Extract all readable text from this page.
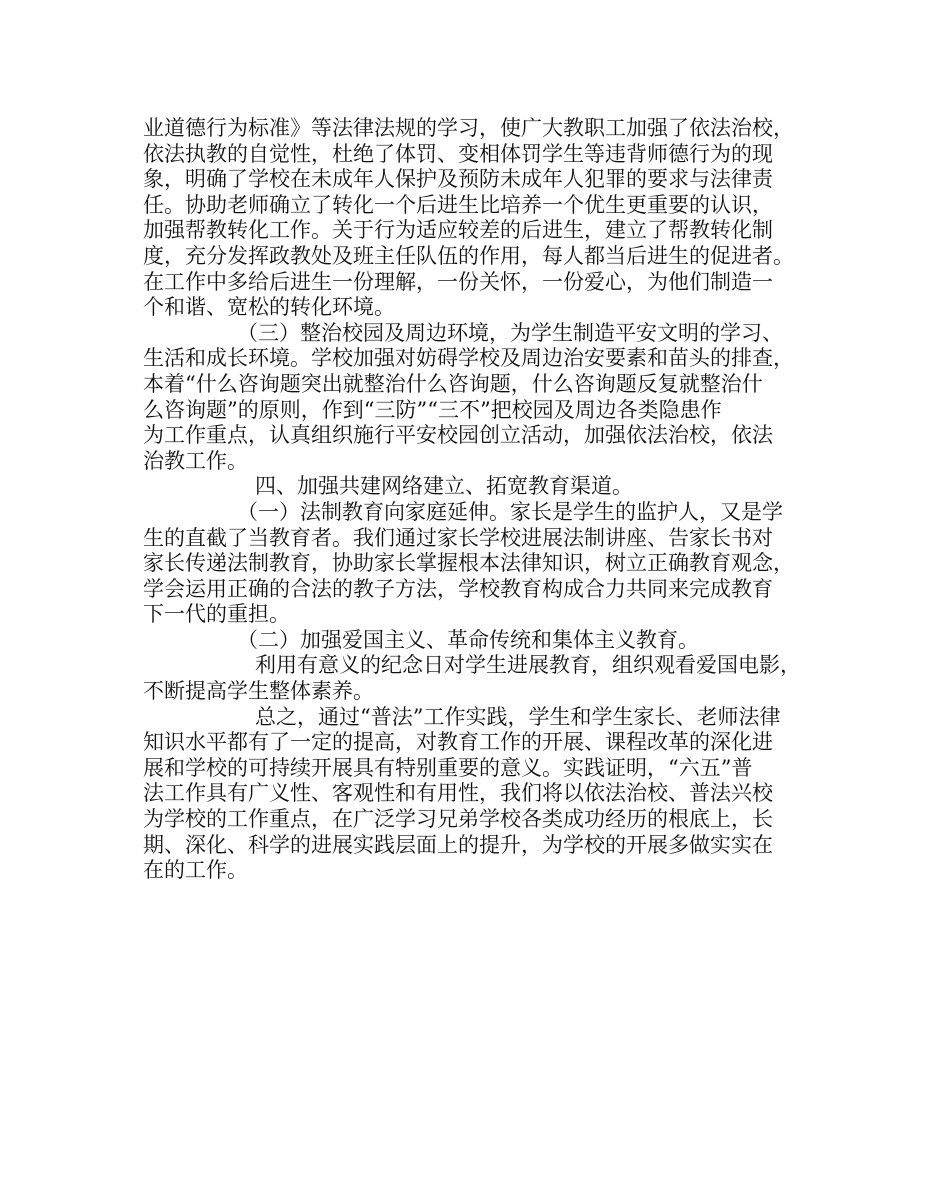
业道德行为标准》等法律法规的学习，使广大教职工加强了依法治校，
依法执教的自觉性，杜绝了体罚、变相体罚学生等违背师德行为的现
象，明确了学校在未成年人保护及预防未成年人犯罪的要求与法律责
任。协助老师确立了转化一个后进生比培养一个优生更重要的认识，
加强帮教转化工作。关于行为适应较差的后进生，建立了帮教转化制
度，充分发挥政教处及班主任队伍的作用，每人都当后进生的促进者。
在工作中多给后进生一份理解，一份关怀，一份爱心，为他们制造一
个和谐、宽松的转化环境。
（三）整治校园及周边环境，为学生制造平安文明的学习、
生活和成长环境。学校加强对妨碍学校及周边治安要素和苗头的排查，
本着“什么咨询题突出就整治什么咨询题，什么咨询题反复就整治什
么咨询题”的原则，作到“三防”“三不”把校园及周边各类隐患作
为工作重点，认真组织施行平安校园创立活动，加强依法治校，依法
治教工作。
四、加强共建网络建立、拓宽教育渠道。
（一）法制教育向家庭延伸。家长是学生的监护人，又是学
生的直截了当教育者。我们通过家长学校进展法制讲座、告家长书对
家长传递法制教育，协助家长掌握根本法律知识，树立正确教育观念，
学会运用正确的合法的教子方法，学校教育构成合力共同来完成教育
下一代的重担。
（二）加强爱国主义、革命传统和集体主义教育。
利用有意义的纪念日对学生进展教育，组织观看爱国电影，
不断提高学生整体素养。
总之，通过“普法”工作实践，学生和学生家长、老师法律
知识水平都有了一定的提高，对教育工作的开展、课程改革的深化进
展和学校的可持续开展具有特别重要的意义。实践证明，“六五”普
法工作具有广义性、客观性和有用性，我们将以依法治校、普法兴校
为学校的工作重点，在广泛学习兄弟学校各类成功经历的根底上，长
期、深化、科学的进展实践层面上的提升，为学校的开展多做实实在
在的工作。
